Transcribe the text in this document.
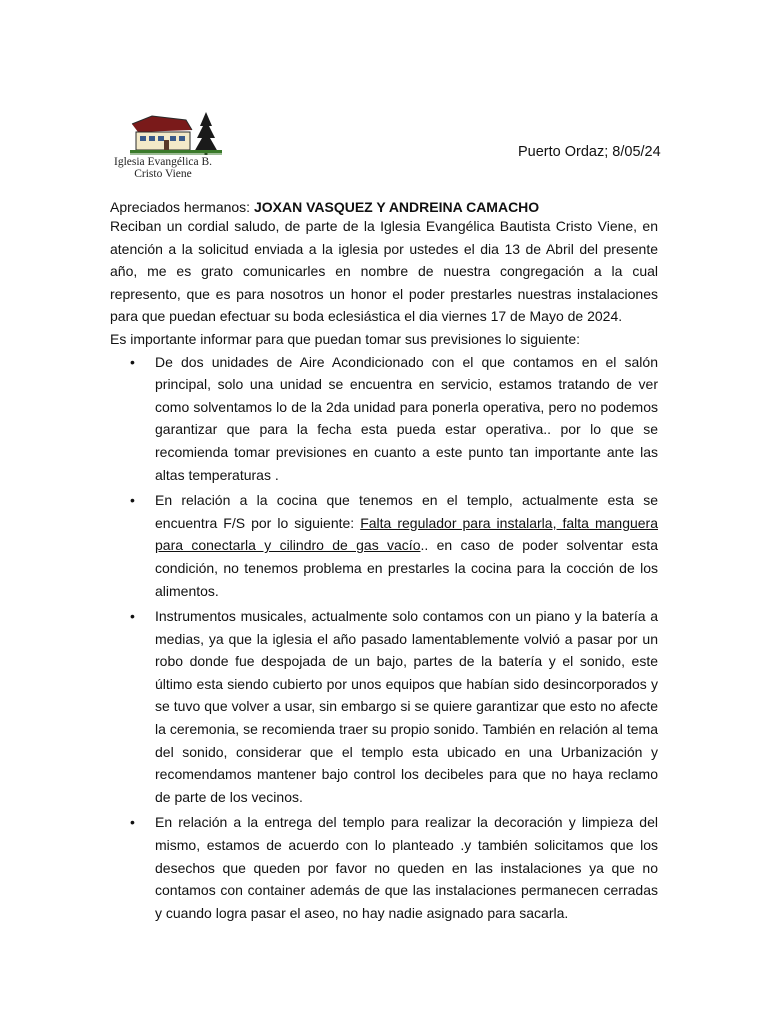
Iglesia Evangélica B.
Cristo Viene
Puerto Ordaz; 8/05/24
Apreciados hermanos: JOXAN VASQUEZ Y ANDREINA CAMACHO
Reciban un cordial saludo, de parte de la Iglesia Evangélica Bautista Cristo Viene, en atención a la solicitud enviada a la iglesia por ustedes el dia 13 de Abril del presente año, me es grato comunicarles en nombre de nuestra congregación a la cual represento, que es para nosotros un honor el poder prestarles nuestras instalaciones para que puedan efectuar su boda eclesiástica el dia viernes 17 de Mayo de 2024.
Es importante informar para que puedan tomar sus previsiones lo siguiente:
• De dos unidades de Aire Acondicionado con el que contamos en el salón principal, solo una unidad se encuentra en servicio, estamos tratando de ver como solventamos lo de la 2da unidad para ponerla operativa, pero no podemos garantizar que para la fecha esta pueda estar operativa.. por lo que se recomienda tomar previsiones en cuanto a este punto tan importante ante las altas temperaturas .
• En relación a la cocina que tenemos en el templo, actualmente esta se encuentra F/S por lo siguiente: Falta regulador para instalarla, falta manguera para conectarla y cilindro de gas vacío.. en caso de poder solventar esta condición, no tenemos problema en prestarles la cocina para la cocción de los alimentos.
• Instrumentos musicales, actualmente solo contamos con un piano y la batería a medias, ya que la iglesia el año pasado lamentablemente volvió a pasar por un robo donde fue despojada de un bajo, partes de la batería y el sonido, este último esta siendo cubierto por unos equipos que habían sido desincorporados y se tuvo que volver a usar, sin embargo si se quiere garantizar que esto no afecte la ceremonia, se recomienda traer su propio sonido. También en relación al tema del sonido, considerar que el templo esta ubicado en una Urbanización y recomendamos mantener bajo control los decibeles para que no haya reclamo de parte de los vecinos.
• En relación a la entrega del templo para realizar la decoración y limpieza del mismo, estamos de acuerdo con lo planteado .y también solicitamos que los desechos que queden por favor no queden en las instalaciones ya que no contamos con container además de que las instalaciones permanecen cerradas y cuando logra pasar el aseo, no hay nadie asignado para sacarla.
